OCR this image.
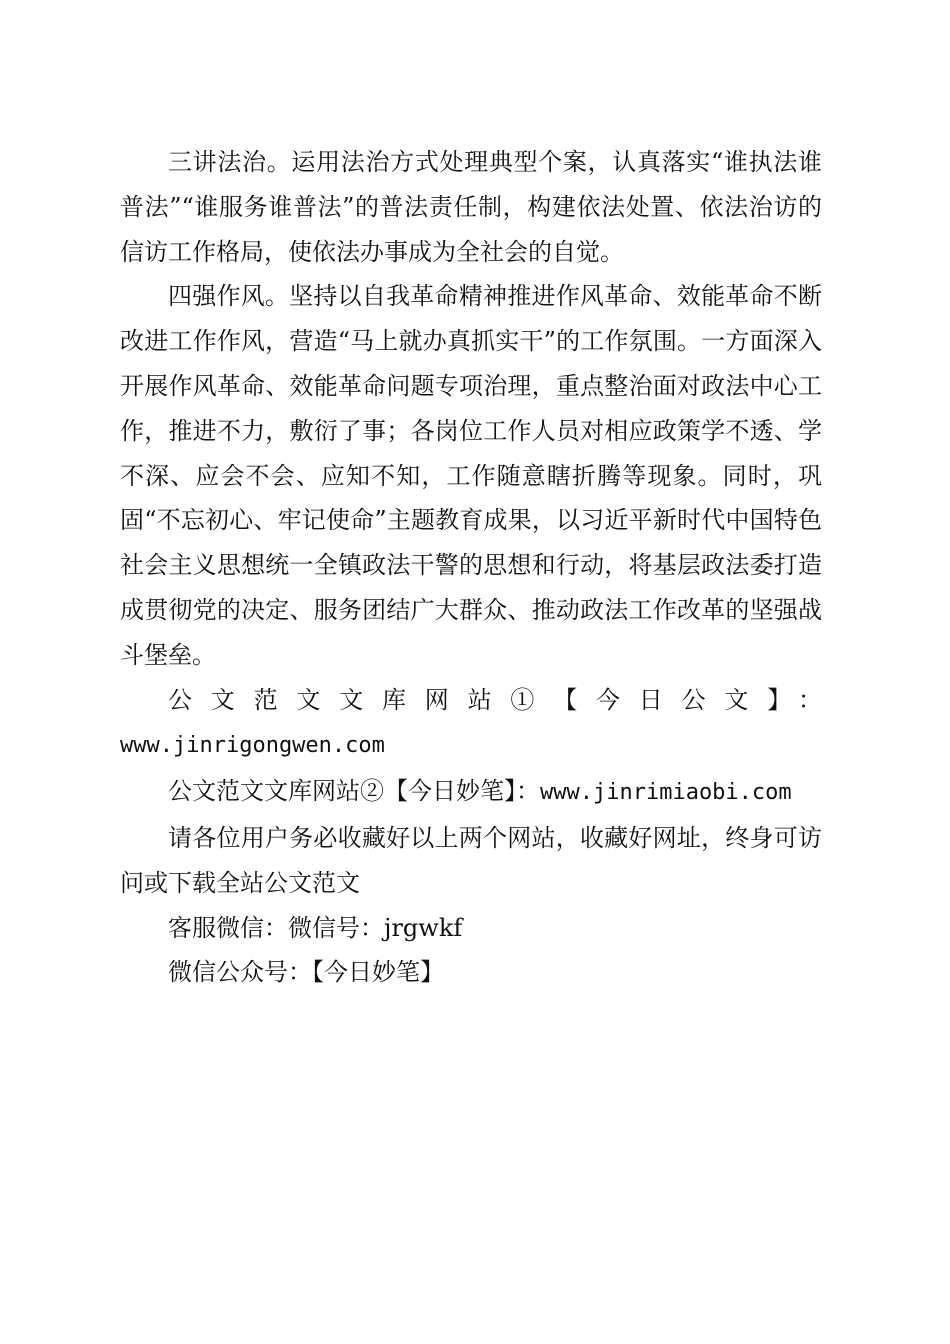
三讲法治。运用法治方式处理典型个案，认真落实“谁执法谁普法”“谁服务谁普法”的普法责任制，构建依法处置、依法治访的信访工作格局，使依法办事成为全社会的自觉。

四强作风。坚持以自我革命精神推进作风革命、效能革命不断改进工作作风，营造“马上就办真抓实干”的工作氛围。一方面深入开展作风革命、效能革命问题专项治理，重点整治面对政法中心工作，推进不力，敷衍了事；各岗位工作人员对相应政策学不透、学不深、应会不会、应知不知，工作随意瞎折腾等现象。同时，巩固“不忘初心、牢记使命”主题教育成果，以习近平新时代中国特色社会主义思想统一全镇政法干警的思想和行动，将基层政法委打造成贯彻党的决定、服务团结广大群众、推动政法工作改革的坚强战斗堡垒。

公文范文文库网站①【今日公文】：

www.jinrigongwen.com

公文范文文库网站②【今日妙笔】：www.jinrimiaobi.com

请各位用户务必收藏好以上两个网站，收藏好网址，终身可访问或下载全站公文范文

客服微信：微信号：jrgwkf

微信公众号：【今日妙笔】
